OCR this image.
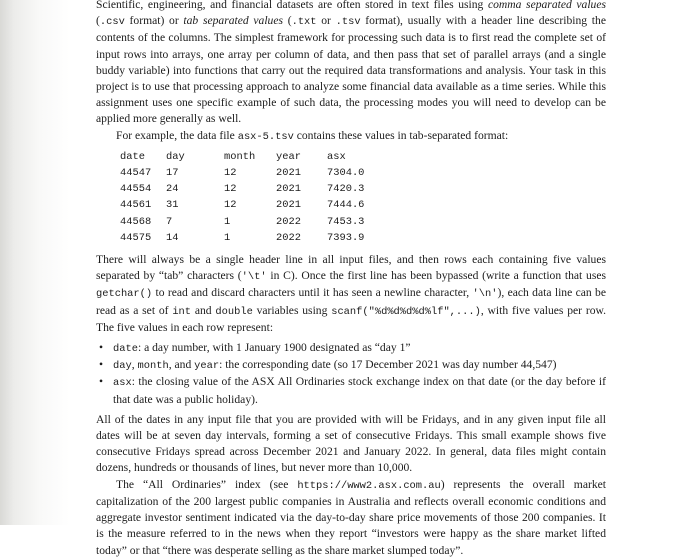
Scientific, engineering, and financial datasets are often stored in text files using comma separated values (.csv format) or tab separated values (.txt or .tsv format), usually with a header line describing the contents of the columns. The simplest framework for processing such data is to first read the complete set of input rows into arrays, one array per column of data, and then pass that set of parallel arrays (and a single buddy variable) into functions that carry out the required data transformations and analysis. Your task in this project is to use that processing approach to analyze some financial data available as a time series. While this assignment uses one specific example of such data, the processing modes you will need to develop can be applied more generally as well.

For example, the data file asx-5.tsv contains these values in tab-separated format:

date	day	month	year	asx
44547	17	12	2021	7304.0
44554	24	12	2021	7420.3
44561	31	12	2021	7444.6
44568	7	1	2022	7453.3
44575	14	1	2022	7393.9

There will always be a single header line in all input files, and then rows each containing five values separated by “tab” characters ('\t' in C). Once the first line has been bypassed (write a function that uses getchar() to read and discard characters until it has seen a newline character, '\n'), each data line can be read as a set of int and double variables using scanf("%d%d%d%d%lf",...), with five values per row. The five values in each row represent:

• date: a day number, with 1 January 1900 designated as “day 1”
• day, month, and year: the corresponding date (so 17 December 2021 was day number 44,547)
• asx: the closing value of the ASX All Ordinaries stock exchange index on that date (or the day before if that date was a public holiday).

All of the dates in any input file that you are provided with will be Fridays, and in any given input file all dates will be at seven day intervals, forming a set of consecutive Fridays. This small example shows five consecutive Fridays spread across December 2021 and January 2022. In general, data files might contain dozens, hundreds or thousands of lines, but never more than 10,000.

The “All Ordinaries” index (see https://www2.asx.com.au) represents the overall market capitalization of the 200 largest public companies in Australia and reflects overall economic conditions and aggregate investor sentiment indicated via the day-to-day share price movements of those 200 companies. It is the measure referred to in the news when they report “investors were happy as the share market lifted today” or that “there was desperate selling as the share market slumped today”.
